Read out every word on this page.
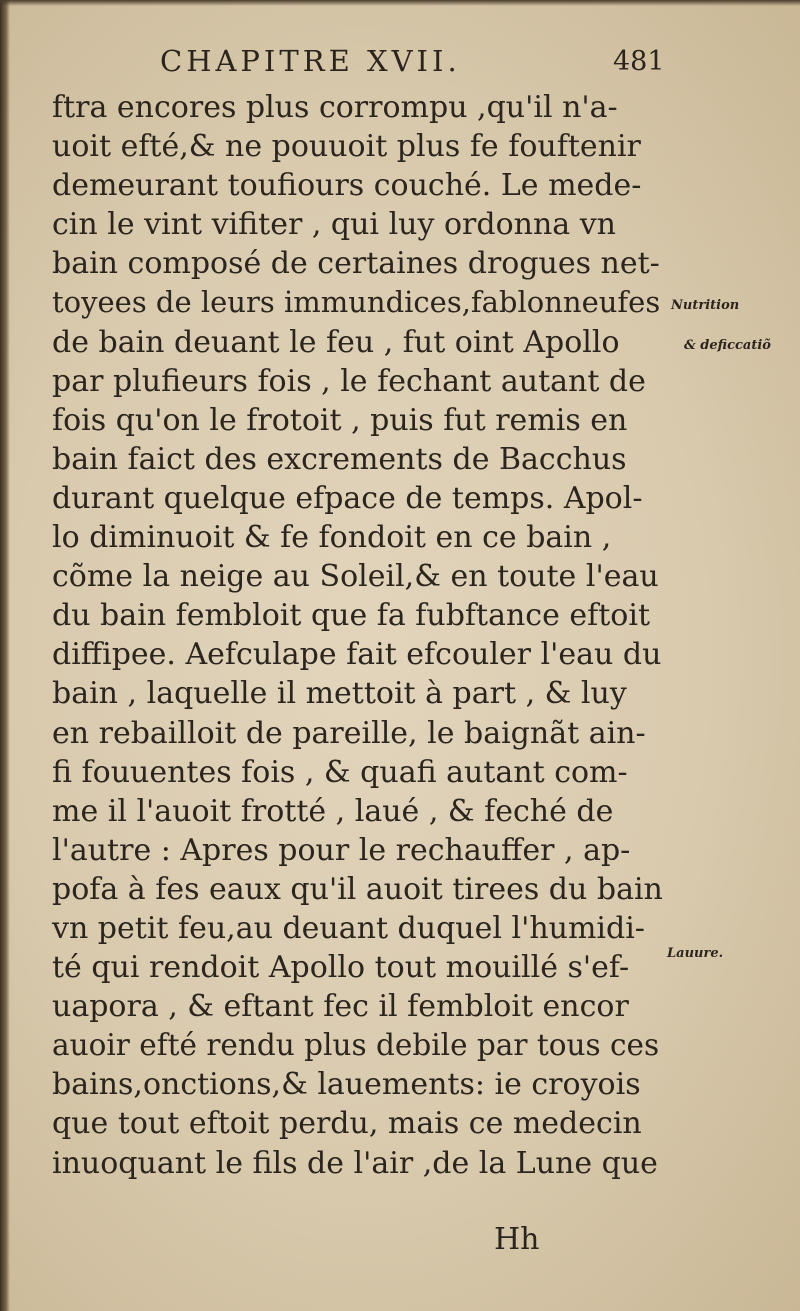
CHAPITRE XVII.	481
ftra encores plus corrompu ,qu'il n'a-
uoit efté,& ne pouuoit plus fe fouftenir
demeurant toufiours couché. Le mede-
cin le vint vifiter , qui luy ordonna vn
bain composé de certaines drogues net-
toyees de leurs immundices,fablonneufes
de bain deuant le feu , fut oint Apollo
par plufieurs fois , le fechant autant de
fois qu'on le frotoit , puis fut remis en
bain faict des excrements de Bacchus
durant quelque efpace de temps. Apol-
lo diminuoit & fe fondoit en ce bain ,
cõme la neige au Soleil,& en toute l'eau
du bain fembloit que fa fubftance eftoit
diffipee. Aefculape fait efcouler l'eau du
bain , laquelle il mettoit à part , & luy
en rebailloit de pareille, le baignãt ain-
fi fouuentes fois , & quafi autant com-
me il l'auoit frotté , laué , & feché de
l'autre : Apres pour le rechauffer , ap-
pofa à fes eaux qu'il auoit tirees du bain
vn petit feu,au deuant duquel l'humidi-
té qui rendoit Apollo tout mouillé s'ef-
uapora , & eftant fec il fembloit encor
auoir efté rendu plus debile par tous ces
bains,onctions,& lauements: ie croyois
que tout eftoit perdu, mais ce medecin
inuoquant le fils de l'air ,de la Lune que
Nutrition
& deficcatiõ
Lauure.
Hh
